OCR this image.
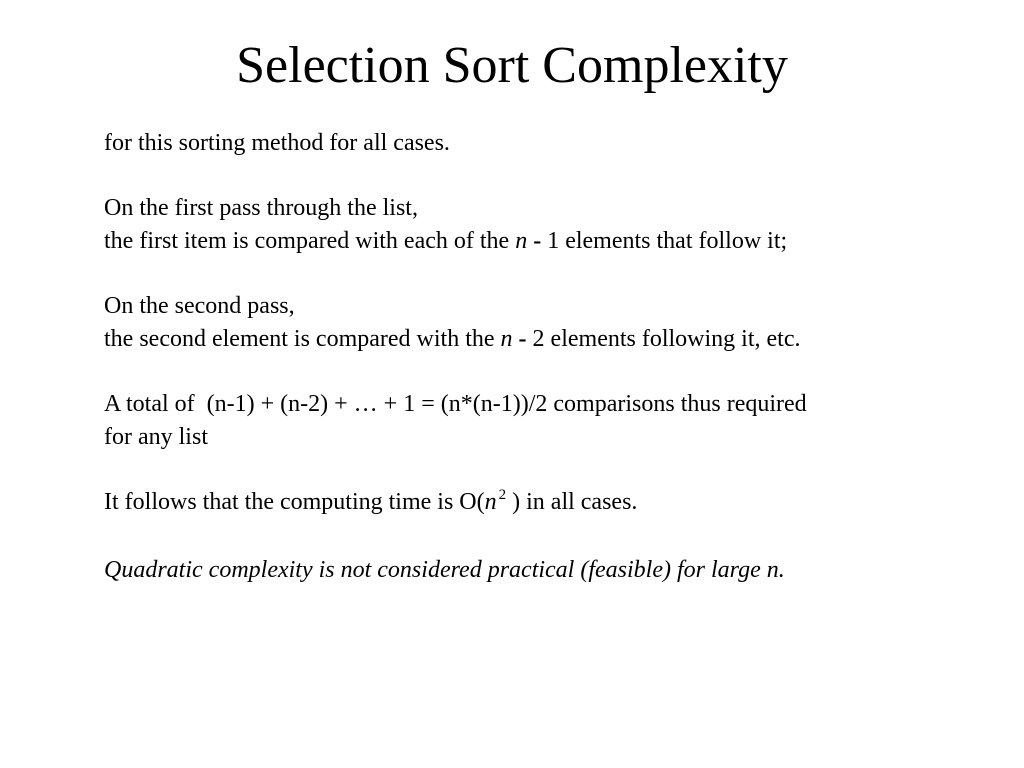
Selection Sort Complexity
for this sorting method for all cases.
On the first pass through the list,
the first item is compared with each of the n - 1 elements that follow it;
On the second pass,
the second element is compared with the n - 2 elements following it, etc.
A total of  (n-1) + (n-2) + … + 1 = (n*(n-1))/2 comparisons thus required
for any list
It follows that the computing time is O(n $^2$ ) in all cases.
Quadratic complexity is not considered practical (feasible) for large n.
